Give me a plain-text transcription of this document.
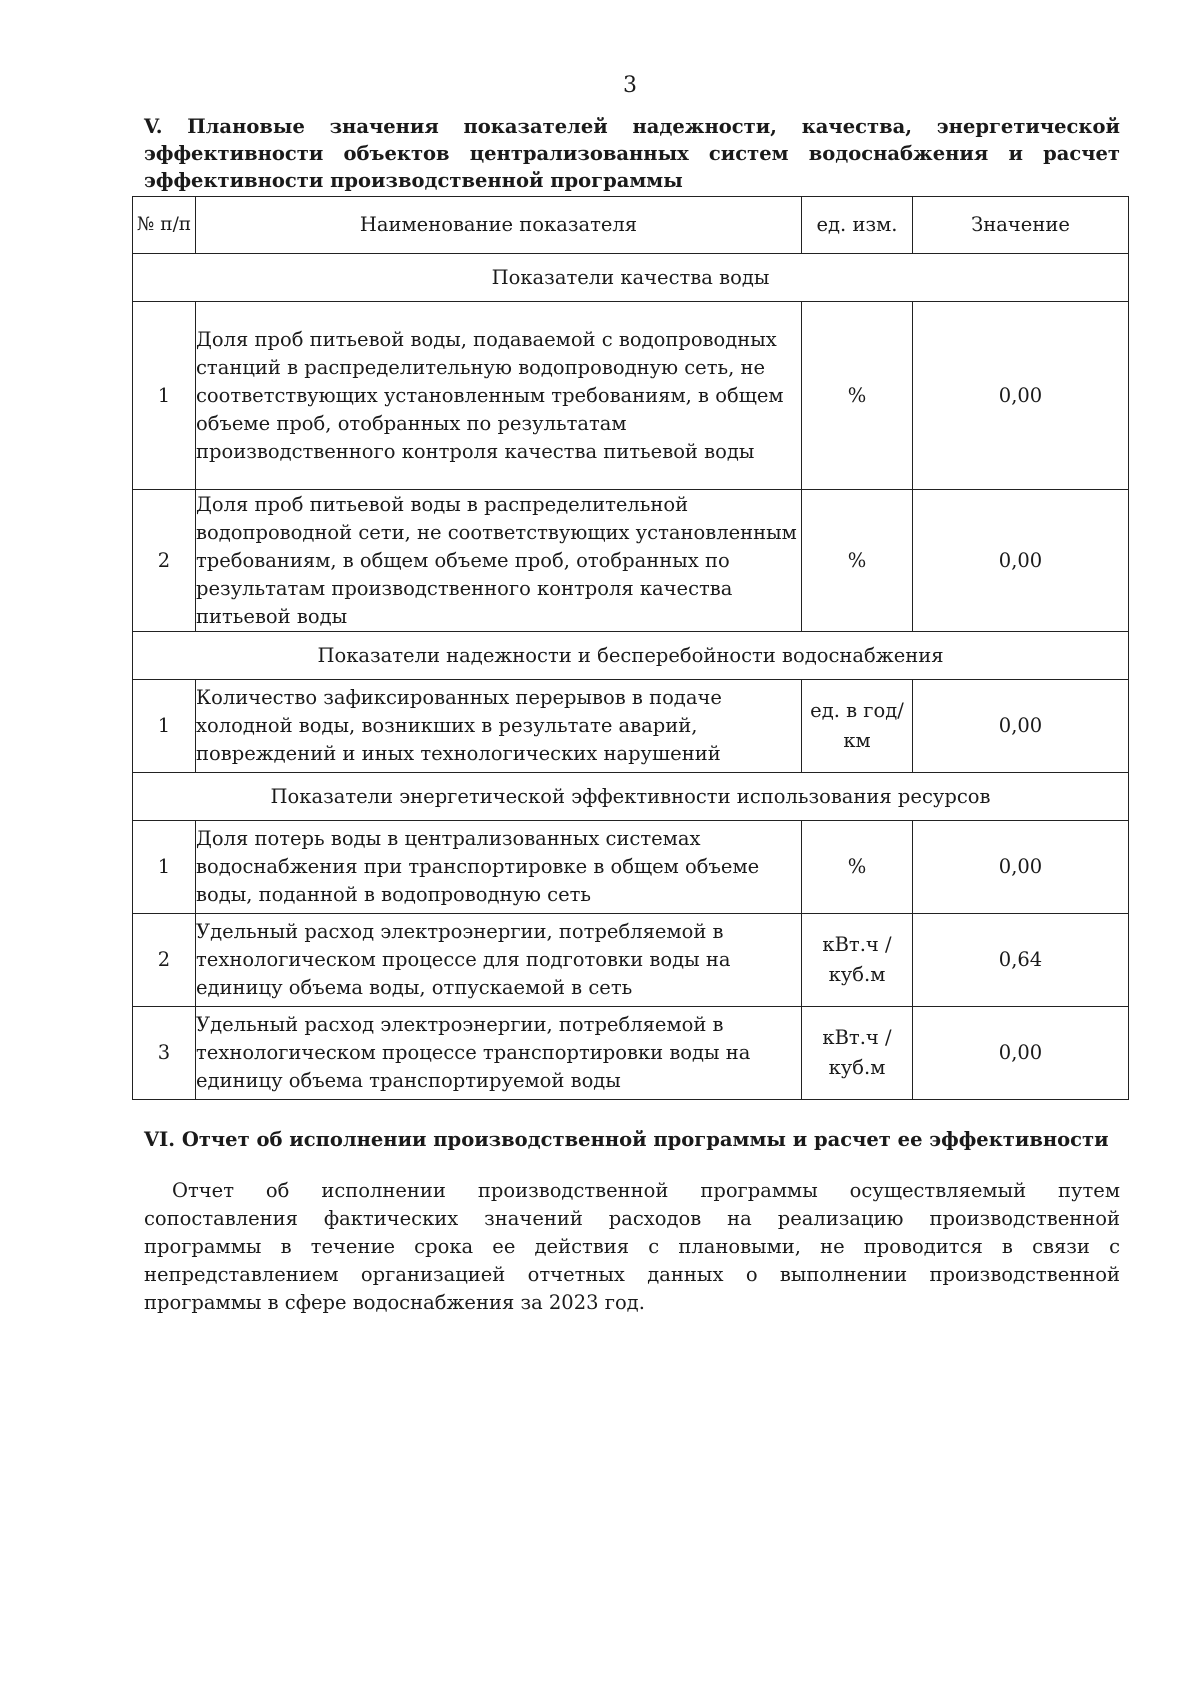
3
V. Плановые значения показателей надежности, качества, энергетической эффективности объектов централизованных систем водоснабжения и расчет эффективности производственной программы
№ п/п	Наименование показателя	ед. изм.	Значение
Показатели качества воды			
1	Доля проб питьевой воды, подаваемой с водопроводных станций в распределительную водопроводную сеть, не соответствующих установленным требованиям, в общем объеме проб, отобранных по результатам производственного контроля качества питьевой воды	%	0,00
2	Доля проб питьевой воды в распределительной водопроводной сети, не соответствующих установленным требованиям, в общем объеме проб, отобранных по результатам производственного контроля качества питьевой воды	%	0,00
Показатели надежности и бесперебойности водоснабжения			
1	Количество зафиксированных перерывов в подаче холодной воды, возникших в результате аварий, повреждений и иных технологических нарушений	ед. в год/ км	0,00
Показатели энергетической эффективности использования ресурсов			
1	Доля потерь воды в централизованных системах водоснабжения при транспортировке в общем объеме воды, поданной в водопроводную сеть	%	0,00
2	Удельный расход электроэнергии, потребляемой в технологическом процессе для подготовки воды на единицу объема воды, отпускаемой в сеть	кВт.ч / куб.м	0,64
3	Удельный расход электроэнергии, потребляемой в технологическом процессе транспортировки воды на единицу объема транспортируемой воды	кВт.ч / куб.м	0,00
VI. Отчет об исполнении производственной программы и расчет ее эффективности

Отчет об исполнении производственной программы осуществляемый путем сопоставления фактических значений расходов на реализацию производственной программы в течение срока ее действия с плановыми, не проводится в связи с непредставлением организацией отчетных данных о выполнении производственной программы в сфере водоснабжения за 2023 год.
